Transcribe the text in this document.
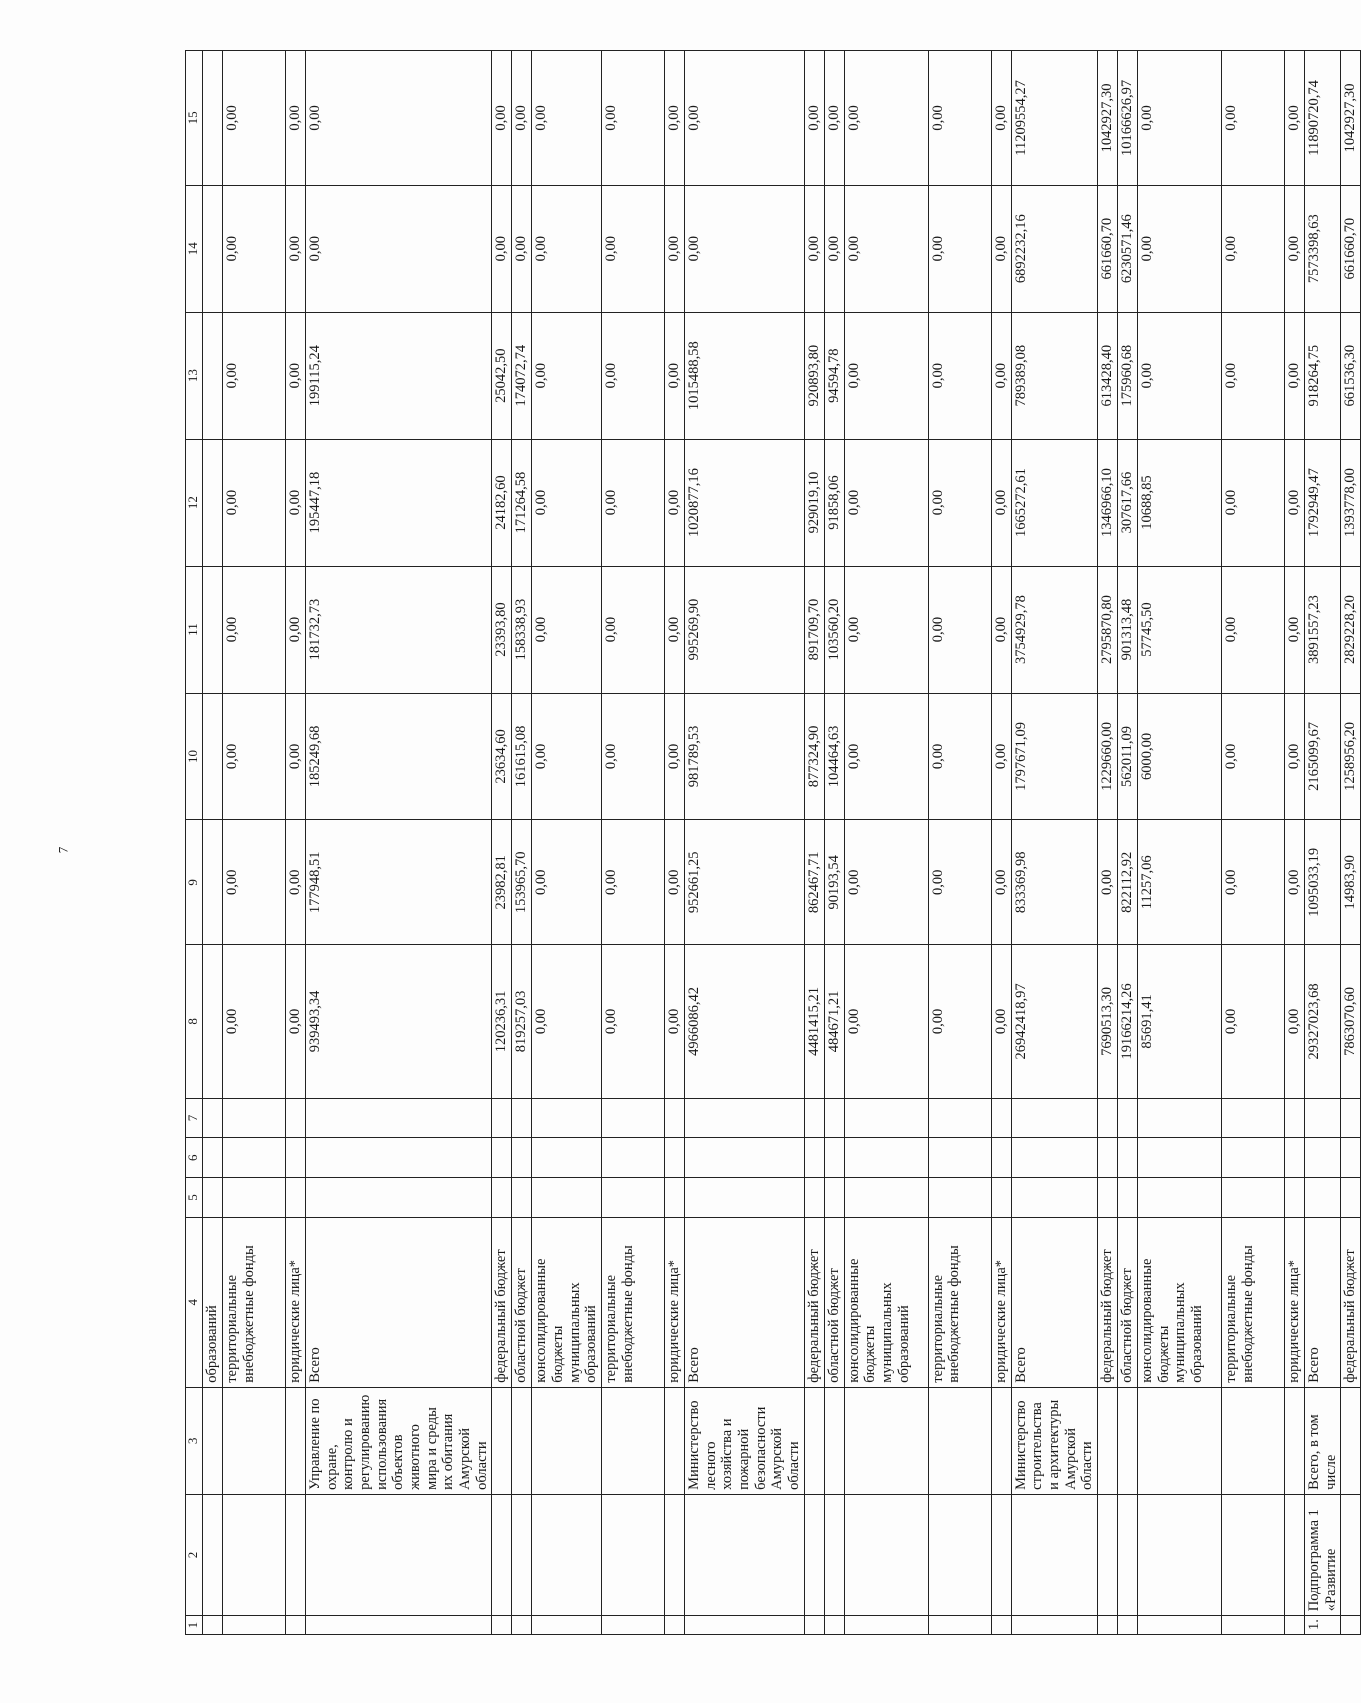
7
1	2	3	4	5	6	7	8	9	10	11	12	13	14	15
			образований											
			территориальные внебюджетные фонды				0,00	0,00	0,00	0,00	0,00	0,00	0,00	0,00
			юридические лица*				0,00	0,00	0,00	0,00	0,00	0,00	0,00	0,00
		Управление по охране, контролю и регулированию использования объектов животного мира и среды их обитания Амурской области	Всего				939493,34	177948,51	185249,68	181732,73	195447,18	199115,24	0,00	0,00
			федеральный бюджет				120236,31	23982,81	23634,60	23393,80	24182,60	25042,50	0,00	0,00
			областной бюджет				819257,03	153965,70	161615,08	158338,93	171264,58	174072,74	0,00	0,00
			консолидированные бюджеты муниципальных образований				0,00	0,00	0,00	0,00	0,00	0,00	0,00	0,00
			территориальные внебюджетные фонды				0,00	0,00	0,00	0,00	0,00	0,00	0,00	0,00
			юридические лица*				0,00	0,00	0,00	0,00	0,00	0,00	0,00	0,00
		Министерство лесного хозяйства и пожарной безопасности Амурской области	Всего				4966086,42	952661,25	981789,53	995269,90	1020877,16	1015488,58	0,00	0,00
			федеральный бюджет				4481415,21	862467,71	877324,90	891709,70	929019,10	920893,80	0,00	0,00
			областной бюджет				484671,21	90193,54	104464,63	103560,20	91858,06	94594,78	0,00	0,00
			консолидированные бюджеты муниципальных образований				0,00	0,00	0,00	0,00	0,00	0,00	0,00	0,00
			территориальные внебюджетные фонды				0,00	0,00	0,00	0,00	0,00	0,00	0,00	0,00
			юридические лица*				0,00	0,00	0,00	0,00	0,00	0,00	0,00	0,00
		Министерство строительства и архитектуры Амурской области	Всего				26942418,97	833369,98	1797671,09	3754929,78	1665272,61	789389,08	6892232,16	11209554,27
			федеральный бюджет				7690513,30	0,00	1229660,00	2795870,80	1346966,10	613428,40	661660,70	1042927,30
			областной бюджет				19166214,26	822112,92	562011,09	901313,48	307617,66	175960,68	6230571,46	10166626,97
			консолидированные бюджеты муниципальных образований				85691,41	11257,06	6000,00	57745,50	10688,85	0,00	0,00	0,00
			территориальные внебюджетные фонды				0,00	0,00	0,00	0,00	0,00	0,00	0,00	0,00
			юридические лица*				0,00	0,00	0,00	0,00	0,00	0,00	0,00	0,00
1.	Подпрограмма 1 «Развитие	Всего, в том числе	Всего				29327023,68	1095033,19	2165099,67	3891557,23	1792949,47	918264,75	7573398,63	11890720,74
			федеральный бюджет				7863070,60	14983,90	1258956,20	2829228,20	1393778,00	661536,30	661660,70	1042927,30
